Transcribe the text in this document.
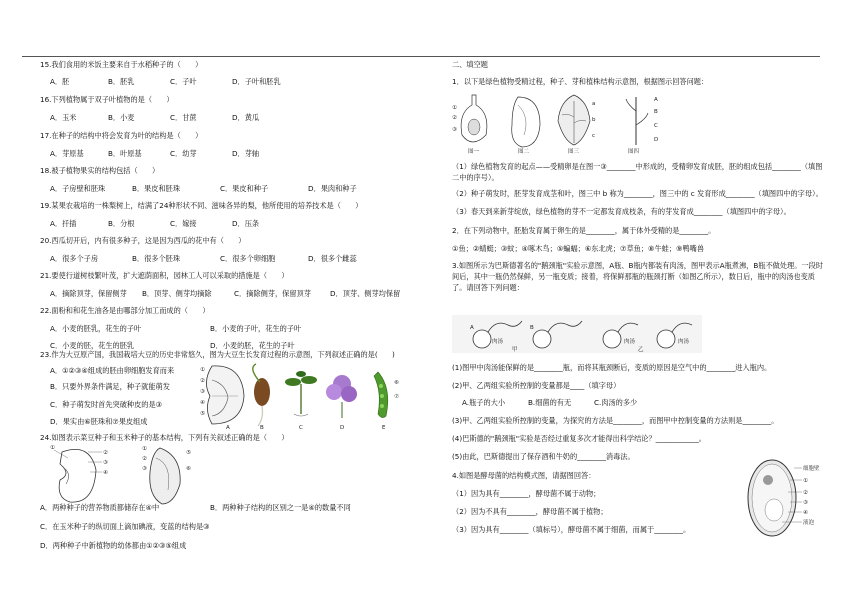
15.我们食用的米饭主要来自于水稻种子的（　　）
A．胚	B．胚乳	C．子叶	D．子叶和胚乳
16.下列植物属于双子叶植物的是（　　）
A．玉米	B．小麦	C．甘蔗	D．黄瓜
17.在种子的结构中将会发育为叶的结构是（　　）
A．芽原基	B．叶原基	C．幼芽	D．芽轴
18.被子植物果实的结构包括（　　）
A．子房壁和胚珠	B．果皮和胚珠	C．果皮和种子	D．果肉和种子
19.某果农栽培的一株梨树上，结满了24种形状不同、滋味各异的梨，他所使用的培养技术是（　　）
A．扦插	B．分根	C．嫁接	D．压条
20.西瓜切开后，内有很多种子，这是因为西瓜的花中有（　　）
A．很多个子房	B．很多个胚珠	C．很多个卵细胞	D．很多个雌蕊
21.要使行道树枝繁叶茂，扩大遮荫面积，园林工人可以采取的措施是（　　）
A．摘除顶芽，保留侧芽 B．顶芽、侧芽均摘除	C．摘除侧芽，保留顶芽	D．顶芽、侧芽均保留
22.面粉和和花生油各是由哪部分加工而成的（　　）
A．小麦的胚乳，花生的子叶	B．小麦的子叶，花生的子叶
C．小麦的胚，花生的胚乳	D．小麦的胚，花生的子叶
23.作为大豆原产国，我国栽培大豆的历史非常悠久，图为大豆生长发育过程的示意图，下列叙述正确的是(　　)
A．①②③④组成的胚由卵细胞发育而来
B．只要外界条件满足，种子就能萌发
C．种子萌发时首先突破种皮的是③
D．果实由⑥胚珠和⑦果皮组成
①
②
③
④
⑤
A	B	C	D
⑥
⑦
E
24.如图表示菜豆种子和玉米种子的基本结构，下列有关叙述正确的是（　　）
①
②
③
④
①
②
③
⑤
⑥
A．两种种子的营养物质都储存在④中	B．两种种子结构的区别之一是④的数量不同
C．在玉米种子的纵切面上滴加碘液，变蓝的结构是③
D．两种种子中新植物的幼体都由①②③⑤组成
二、填空题
1．以下是绿色植物受精过程，种子、芽和植株结构示意图，根据图示回答问题：
①
②
③
图一	图二
a
b
c
图三
A
B
C
D
图四
（1）绿色植物发育的起点——受精卵是在图一③________中形成的，受精卵发育成胚，胚的组成包括________（填图二中的序号）。
（2）种子萌发时，胚芽发育成茎和叶，图三中 b 称为________，图三中的 c 发育形成________（填图四中的字母）。
（3）春天到来新芽绽放，绿色植物的芽不一定都发育成枝条，有的芽发育成________（填图四中的字母）。
2．在下列动物中，胚胎发育属于卵生的是________，属于体外受精的是________。
①鱼；②蜻蜓；③蚊；④啄木鸟；⑤蝙蝠；⑥东北虎；⑦草鱼；⑧牛蛙；⑨鸭嘴兽
3.如图所示为巴斯德著名的"鹅颈瓶"实验示意图，A瓶、B瓶内都装有肉汤，图甲表示A瓶煮沸，B瓶不做处理。一段时间后，其中一瓶仍然保鲜，另一瓶变质；接着，将保鲜那瓶的瓶颈打断（如图乙所示），数日后，瓶中的肉汤也变质了。请回答下列问题：
A	B
肉汤
甲
肉汤
乙
肉汤
(1)图甲中肉汤能保鲜的是________瓶，而将其瓶颈断后，变质的原因是空气中的________进入瓶内。
(2)甲、乙两组实验所控制的变量都是____（填字母）
A.瓶子的大小	B.细菌的有无	C.肉汤的多少
(3)甲、乙两组实验所控制的变量，为探究的方法是________，而图甲中控制变量的方法则是________。
(4)巴斯德的"鹅颈瓶"实验是否经过重复多次才能得出科学结论？____________。
(5)由此，巴斯德提出了保存酒和牛奶的________消毒法。
4.如图是酵母菌的结构模式图，请据图回答：
（1）因为具有________，酵母菌不属于动物；
（2）因为不具有________，酵母菌不属于植物；
（3）因为具有________（填标号），酵母菌不属于细菌，而属于________。
细胞壁
①
②
③
④
液泡
